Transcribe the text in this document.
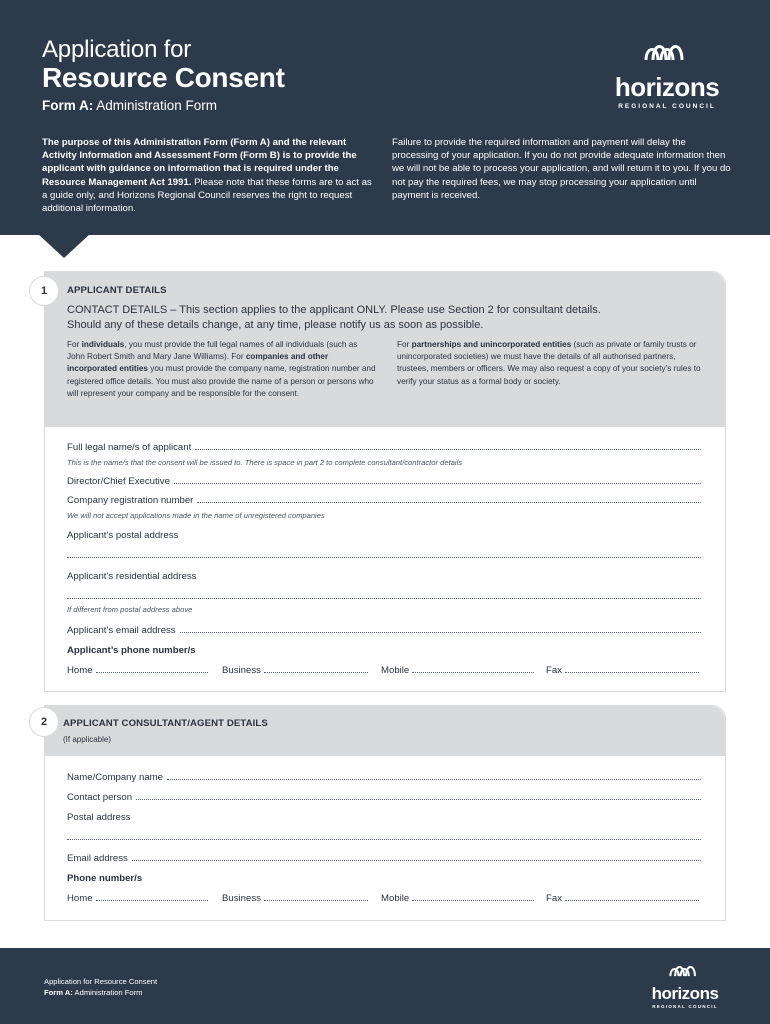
Application for
Resource Consent
Form A: Administration Form
The purpose of this Administration Form (Form A) and the relevant Activity Information and Assessment Form (Form B) is to provide the applicant with guidance on information that is required under the Resource Management Act 1991. Please note that these forms are to act as a guide only, and Horizons Regional Council reserves the right to request additional information.
Failure to provide the required information and payment will delay the processing of your application. If you do not provide adequate information then we will not be able to process your application, and will return it to you. If you do not pay the required fees, we may stop processing your application until payment is received.
horizons
REGIONAL COUNCIL
1	APPLICANT DETAILS
CONTACT DETAILS – This section applies to the applicant ONLY. Please use Section 2 for consultant details.
Should any of these details change, at any time, please notify us as soon as possible.
For individuals, you must provide the full legal names of all individuals (such as John Robert Smith and Mary Jane Williams). For companies and other incorporated entities you must provide the company name, registration number and registered office details. You must also provide the name of a person or persons who will represent your company and be responsible for the consent.
For partnerships and unincorporated entities (such as private or family trusts or unincorporated societies) we must have the details of all authorised partners, trustees, members or officers. We may also request a copy of your society’s rules to verify your status as a formal body or society.
Full legal name/s of applicant
This is the name/s that the consent will be issued to. There is space in part 2 to complete consultant/contractor details
Director/Chief Executive
Company registration number
We will not accept applications made in the name of unregistered companies
Applicant’s postal address
Applicant’s residential address
If different from postal address above
Applicant’s email address
Applicant’s phone number/s
Home	Business	Mobile	Fax
2	APPLICANT CONSULTANT/AGENT DETAILS
(If applicable)
Name/Company name
Contact person
Postal address
Email address
Phone number/s
Home	Business	Mobile	Fax
Application for Resource Consent
Form A: Administration Form	horizons
REGIONAL COUNCIL
